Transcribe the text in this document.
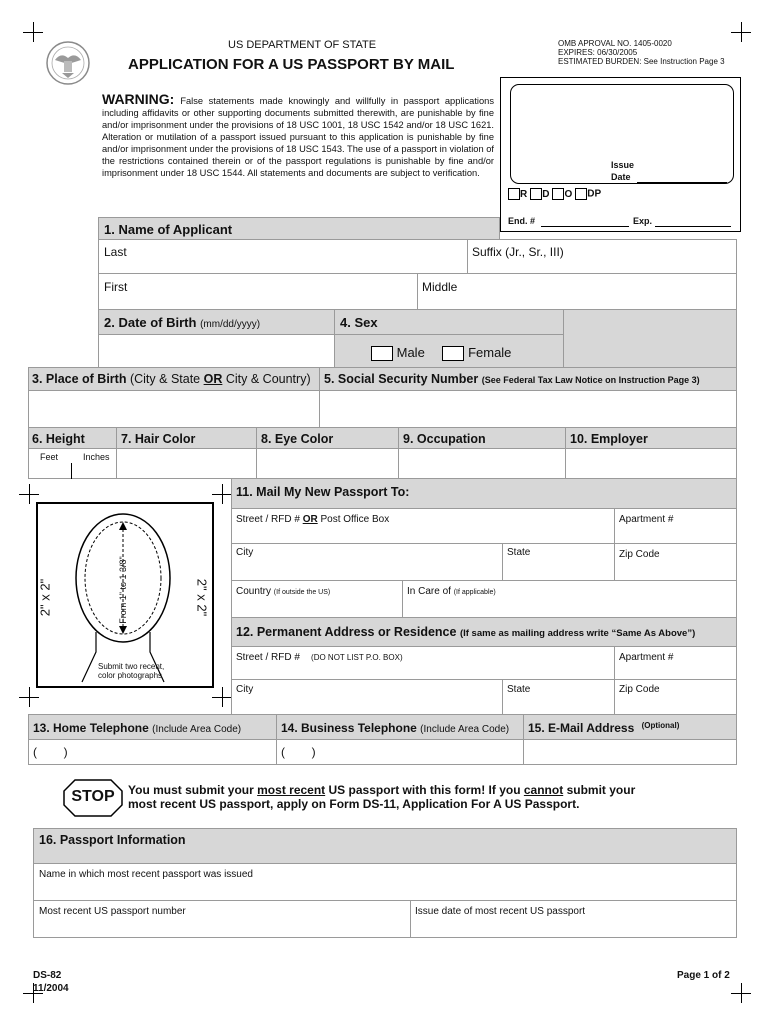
US DEPARTMENT OF STATE
APPLICATION FOR A US PASSPORT BY MAIL
OMB APROVAL NO. 1405-0020
EXPIRES: 06/30/2005
ESTIMATED BURDEN: See Instruction Page 3
WARNING: False statements made knowingly and willfully in passport applications including affidavits or other supporting documents submitted therewith, are punishable by fine and/or imprisonment under the provisions of 18 USC 1001, 18 USC 1542 and/or 18 USC 1621. Alteration or mutilation of a passport issued pursuant to this application is punishable by fine and/or imprisonment under the provisions of 18 USC 1543. The use of a passport in violation of the restrictions contained therein or of the passport regulations is punishable by fine and/or imprisonment under 18 USC 1544. All statements and documents are subject to verification.
Issue
Date
R D O DP
End. #	Exp.
1. Name of Applicant
Last	Suffix (Jr., Sr., III)
First	Middle
2. Date of Birth (mm/dd/yyyy)	4. Sex
Male	Female
3. Place of Birth (City & State OR City & Country) 5. Social Security Number (See Federal Tax Law Notice on Instruction Page 3)
6. Height	7. Hair Color	8. Eye Color	9. Occupation	10. Employer
Feet	Inches
From 1" to 1 3/8"
Submit two recent,
color photographs
2" x 2"	2" x 2"
11. Mail My New Passport To:
Street / RFD # OR Post Office Box	Apartment #
City	State	Zip Code
Country (If outside the US)	In Care of (If applicable)
12. Permanent Address or Residence (If same as mailing address write “Same As Above”)
Street / RFD # (DO NOT LIST P.O. BOX)	Apartment #
City	State	Zip Code
13. Home Telephone (Include Area Code)	14. Business Telephone (Include Area Code) 15. E-Mail Address $^{(Optional)}$
(        )	(        )
STOP	You must submit your most recent US passport with this form! If you cannot submit your
most recent US passport, apply on Form DS-11, Application For A US Passport.
16. Passport Information
Name in which most recent passport was issued
Most recent US passport number	Issue date of most recent US passport
DS-82
11/2004
Page 1 of 2
